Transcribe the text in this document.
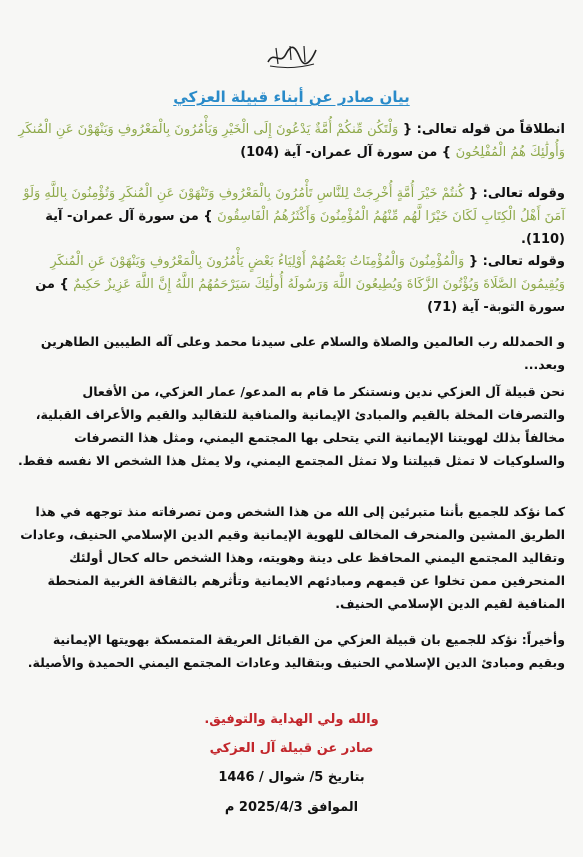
بيان صادر عن أبناء قبيلة العزكي
انطلاقاً من قوله تعالى: { وَلْتَكُن مِّنكُمْ أُمَّةٌ يَدْعُونَ إِلَى الْخَيْرِ وَيَأْمُرُونَ بِالْمَعْرُوفِ وَيَنْهَوْنَ عَنِ الْمُنكَرِ وَأُولَٰئِكَ هُمُ الْمُفْلِحُونَ } من سورة آل عمران- آية (104)
وقوله تعالى: { كُنتُمْ خَيْرَ أُمَّةٍ أُخْرِجَتْ لِلنَّاسِ تَأْمُرُونَ بِالْمَعْرُوفِ وَتَنْهَوْنَ عَنِ الْمُنكَرِ وَتُؤْمِنُونَ بِاللَّهِ وَلَوْ آمَنَ أَهْلُ الْكِتَابِ لَكَانَ خَيْرًا لَّهُم مِّنْهُمُ الْمُؤْمِنُونَ وَأَكْثَرُهُمُ الْفَاسِقُونَ } من سورة آل عمران- آية (110).
وقوله تعالى: { وَالْمُؤْمِنُونَ وَالْمُؤْمِنَاتُ بَعْضُهُمْ أَوْلِيَاءُ بَعْضٍ يَأْمُرُونَ بِالْمَعْرُوفِ وَيَنْهَوْنَ عَنِ الْمُنكَرِ وَيُقِيمُونَ الصَّلَاةَ وَيُؤْتُونَ الزَّكَاةَ وَيُطِيعُونَ اللَّهَ وَرَسُولَهُ أُولَٰئِكَ سَيَرْحَمُهُمُ اللَّهُ إِنَّ اللَّهَ عَزِيزٌ حَكِيمٌ } من سورة التوبة- آية (71)
و الحمدلله رب العالمين والصلاة والسلام على سيدنا محمد وعلى آله الطيبين الطاهرين وبعد...
نحن قبيلة آل العزكي ندين ونستنكر ما قام به المدعو/ عمار العزكي، من الأفعال والتصرفات المخلة بالقيم والمبادئ الإيمانية والمنافية للتقاليد والقيم والأعراف القبلية، مخالفاً بذلك لهويتنا الإيمانية التي يتحلى بها المجتمع اليمني، ومثل هذا التصرفات والسلوكيات لا تمثل قبيلتنا ولا تمثل المجتمع اليمني، ولا يمثل هذا الشخص الا نفسه فقط.
كما نؤكد للجميع بأننا متبرئين إلى الله من هذا الشخص ومن تصرفاته منذ توجهه في هذا الطريق المشين والمنحرف المخالف للهوية الإيمانية وقيم الدين الإسلامي الحنيف، وعادات وتقاليد المجتمع اليمني المحافظ على دينة وهويته، وهذا الشخص حاله كحال أولئك المنحرفين ممن تخلوا عن قيمهم ومبادئهم الايمانية وتأثرهم بالثقافة الغربية المنحطة المنافية لقيم الدين الإسلامي الحنيف.
وأخيراً: نؤكد للجميع بان قبيلة العزكي من القبائل العريقة المتمسكة بهويتها الإيمانية وبقيم ومبادئ الدين الإسلامي الحنيف وبتقاليد وعادات المجتمع اليمني الحميدة والأصيلة.
والله ولي الهداية والتوفيق.
صادر عن قبيلة آل العزكي
بتاريخ 5/ شوال / 1446
الموافق 2025/4/3 م
